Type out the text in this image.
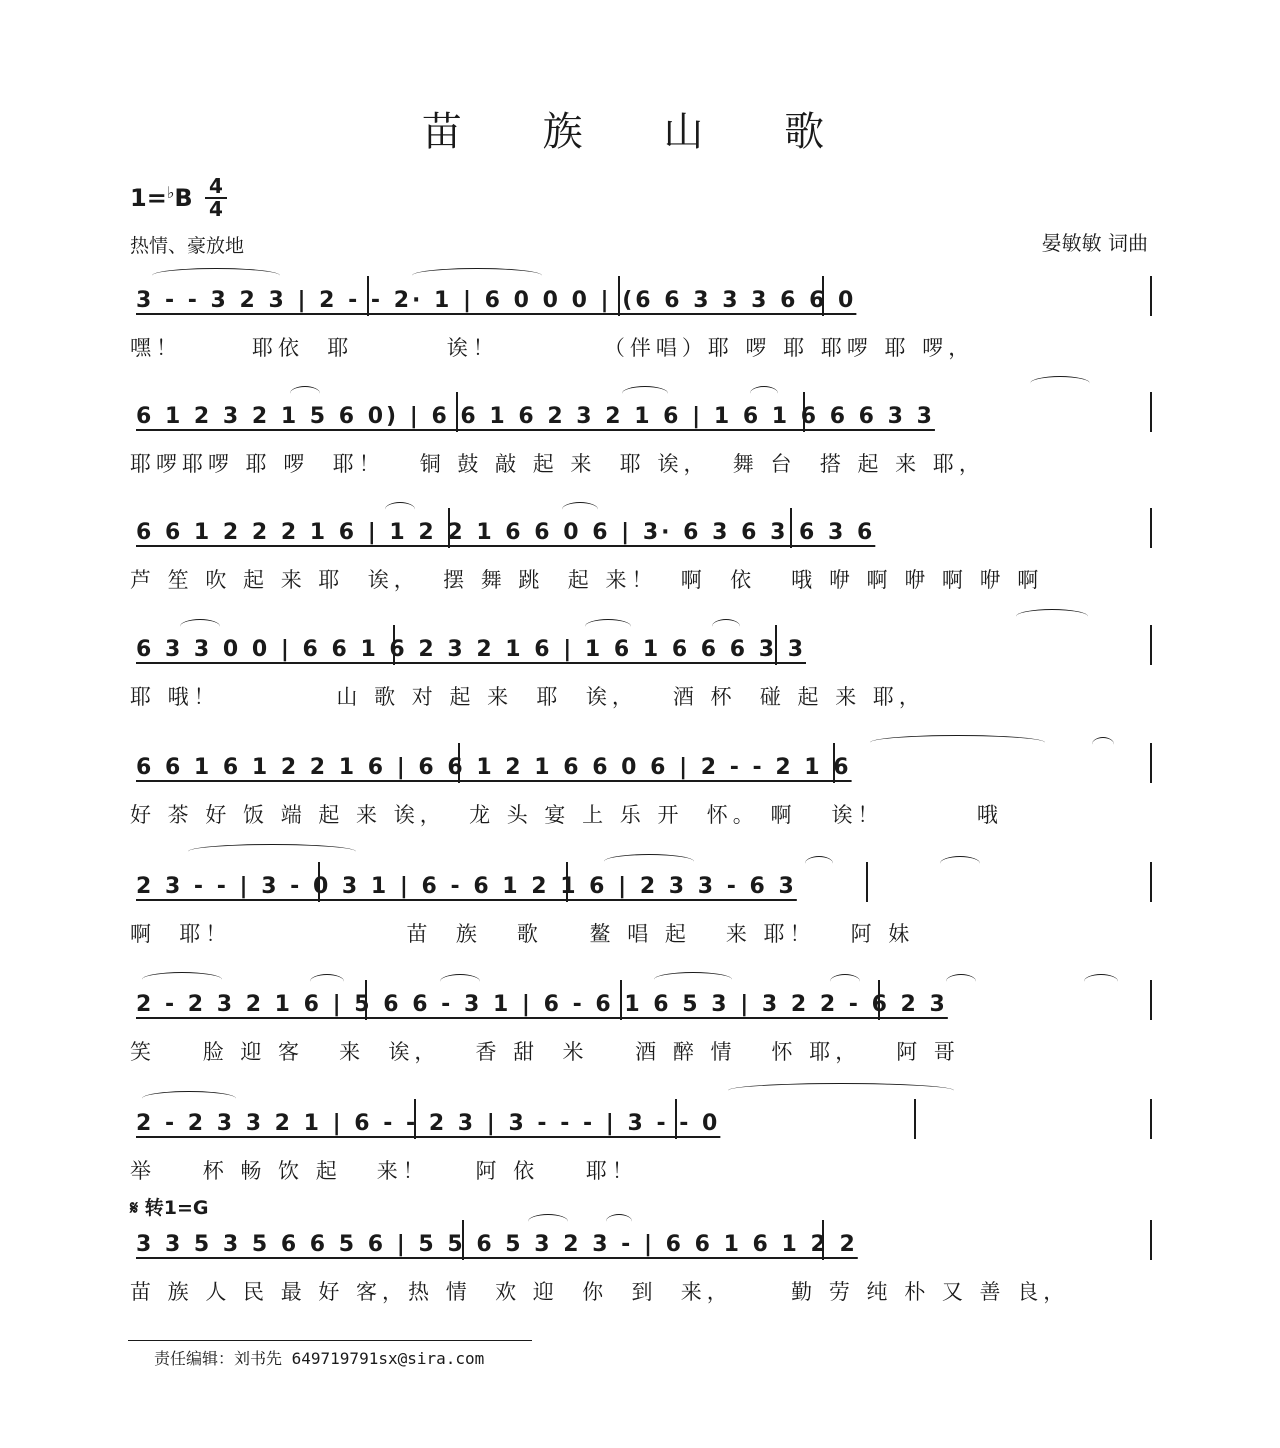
苗 族 山 歌
1=♭B 4
4
热情、豪放地	晏敏敏 词曲
3 - - 3 2 3 | 2 - - 2· 1 | 6 0 0 0 | (6 6 3 3 3 6 6 0
嘿！      耶依  耶        诶！         （伴唱）耶 啰 耶 耶啰 耶 啰，
6 1 2 3 2 1 5 6 0) | 6 6 1 6 2 3 2 1 6 | 1 6 1 6 6 6 3 3
耶啰耶啰 耶 啰  耶！   铜 鼓 敲 起 来  耶 诶，  舞 台  搭 起 来 耶，
6 6 1 2 2 2 1 6 | 1 2 2 1 6 6 0 6 | 3· 6 3 6 3 6 3 6
芦 笙 吹 起 来 耶  诶，  摆 舞 跳  起 来！  啊  依   哦 咿 啊 咿 啊 咿 啊
6 3 3 0 0 | 6 6 1 6 2 3 2 1 6 | 1 6 1 6 6 6 3 3
耶 哦！          山 歌 对 起 来  耶  诶，   酒 杯  碰 起 来 耶，
6 6 1 6 1 2 2 1 6 | 6 6 1 2 1 6 6 0 6 | 2 - - 2 1 6
好 茶 好 饭 端 起 来 诶，  龙 头 宴 上 乐 开  怀。 啊   诶！        哦
2 3 - - | 3 - 0 3 1 | 6 - 6 1 2 1 6 | 2 3 3 - 6 3
啊  耶！               苗  族   歌    鳌 唱 起   来 耶！   阿 妹
2 - 2 3 2 1 6 | 5 6 6 - 3 1 | 6 - 6 1 6 5 3 | 3 2 2 - 6 2 3
笑    脸 迎 客   来  诶，   香 甜  米    酒 醉 情   怀 耶，   阿 哥
2 - 2 3 3 2 1 | 6 - - 2 3 | 3 - - - | 3 - - 0
举    杯 畅 饮 起   来！    阿 依    耶！
𝄋 转1=G
3 3 5 3 5 6 6 5 6 | 5 5 6 5 3 2 3 - | 6 6 1 6 1 2 2
苗 族 人 民 最 好 客，热 情  欢 迎  你  到  来，     勤 劳 纯 朴 又 善 良，
责任编辑：刘书先 649719791sx@sira.com
